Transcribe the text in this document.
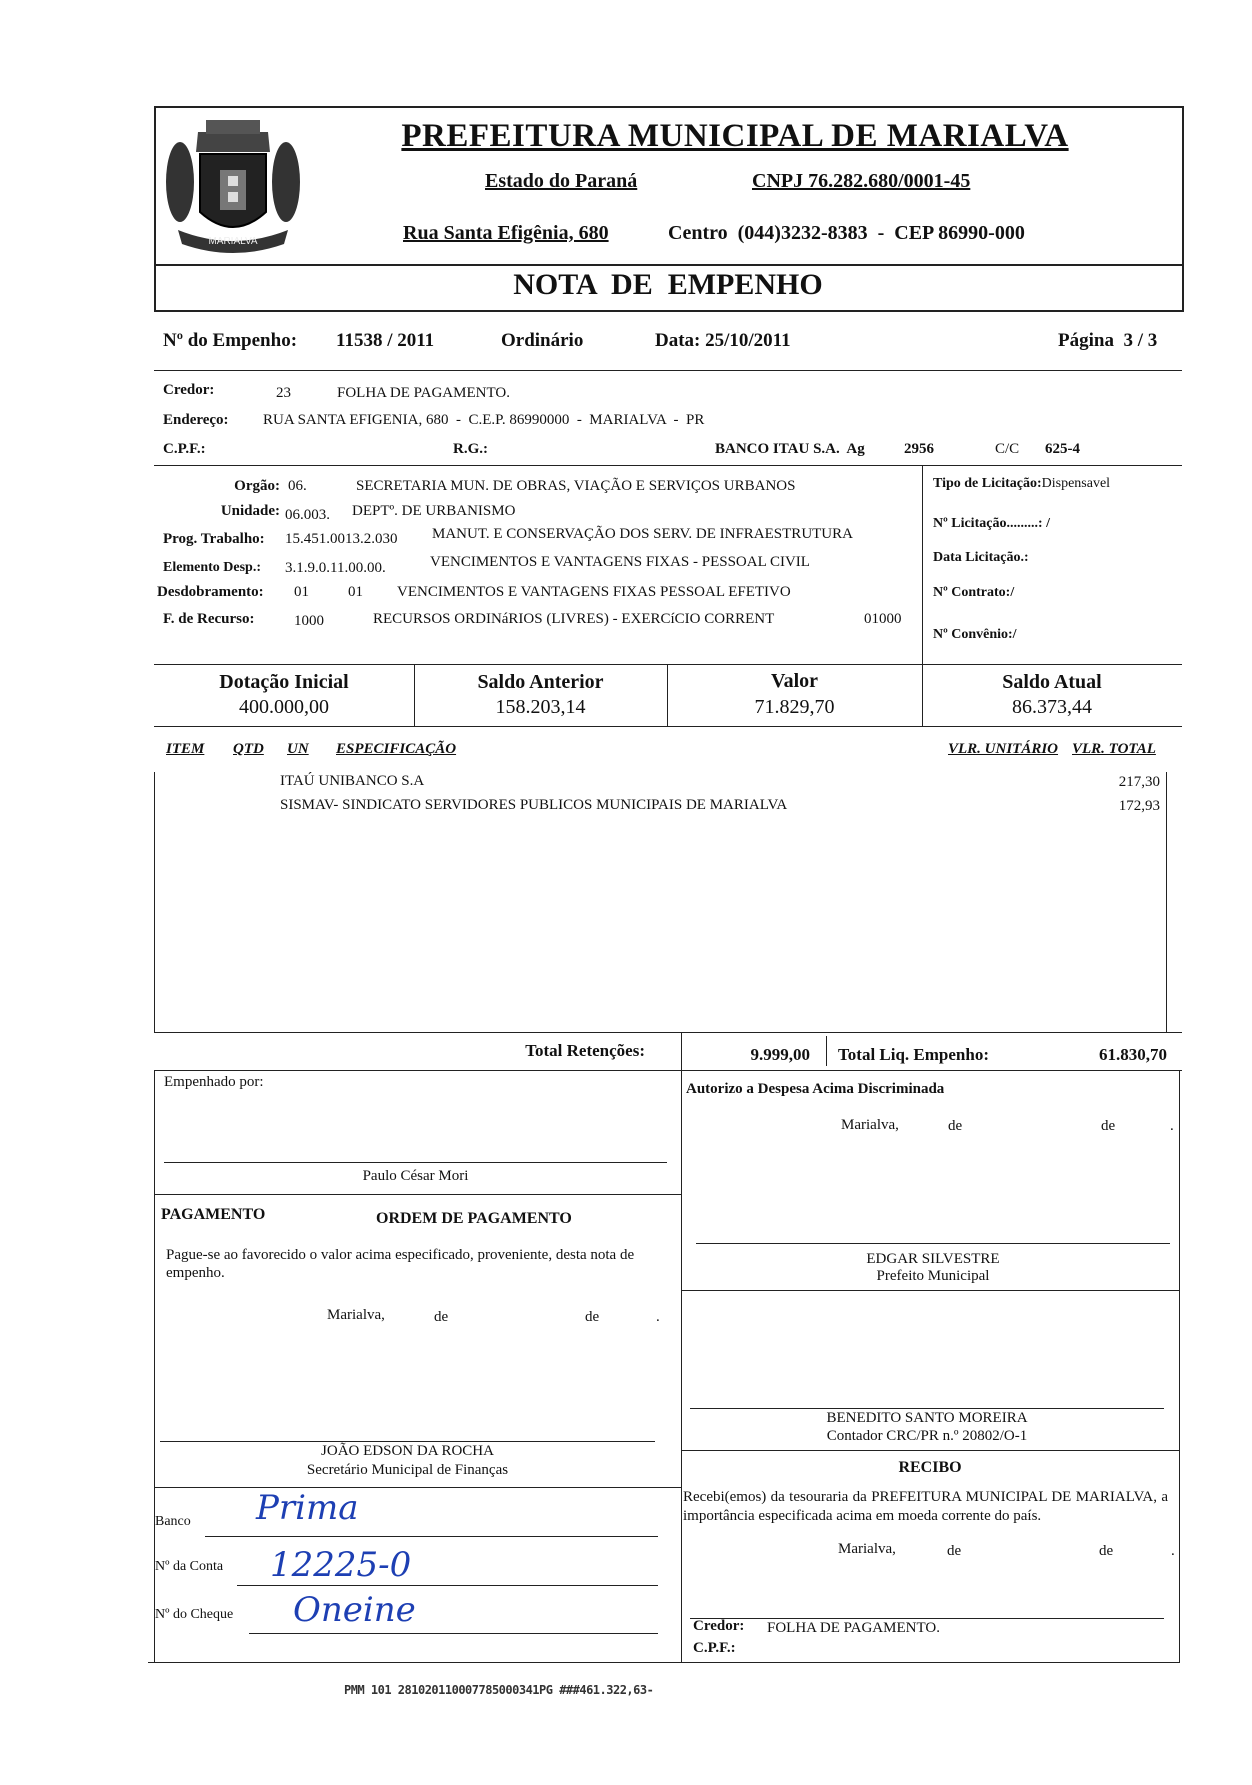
MARIALVA
PREFEITURA MUNICIPAL DE MARIALVA
Estado do Paraná	CNPJ 76.282.680/0001-45
Rua Santa Efigênia, 680	Centro  (044)3232-8383  -  CEP 86990-000
NOTA  DE  EMPENHO
Nº do Empenho: 11538 / 2011	Ordinário	Data: 25/10/2011	Página  3 / 3
Credor:	23	FOLHA DE PAGAMENTO.
Endereço: RUA SANTA EFIGENIA, 680  -  C.E.P. 86990000  -  MARIALVA  -  PR
C.P.F.:	R.G.:	BANCO ITAU S.A.  Ag	2956	C/C 625-4
Orgão: 06.	SECRETARIA MUN. DE OBRAS, VIAÇÃO E SERVIÇOS URBANOS
Unidade: 06.003. DEPTº. DE URBANISMO
Prog. Trabalho: 15.451.0013.2.030 MANUT. E CONSERVAÇÃO DOS SERV. DE INFRAESTRUTURA
Elemento Desp.: 3.1.9.0.11.00.00.	VENCIMENTOS E VANTAGENS FIXAS - PESSOAL CIVIL
Desdobramento: 01	01 VENCIMENTOS E VANTAGENS FIXAS PESSOAL EFETIVO
F. de Recurso:	1000	RECURSOS ORDINáRIOS (LIVRES) - EXERCíCIO CORRENT	01000
Tipo de Licitação:Dispensavel
Nº Licitação.........: /
Data Licitação.:
Nº Contrato:/
Nº Convênio:/
Dotação Inicial
400.000,00
Saldo Anterior
158.203,14
Valor
71.829,70
Saldo Atual
86.373,44
ITEM QTD UN ESPECIFICAÇÃO	VLR. UNITÁRIO VLR. TOTAL
ITAÚ UNIBANCO S.A	217,30
SISMAV- SINDICATO SERVIDORES PUBLICOS MUNICIPAIS DE MARIALVA	172,93
Total Retenções:	9.999,00 Total Liq. Empenho:	61.830,70
Empenhado por:
Paulo César Mori
PAGAMENTO	ORDEM DE PAGAMENTO
Pague-se ao favorecido o valor acima especificado, proveniente, desta nota de empenho.
Marialva,	de	de	.
JOÃO EDSON DA ROCHA
Secretário Municipal de Finanças
Banco Prima
Nº da Conta 12225-0
Nº do Cheque Oneine
Autorizo a Despesa Acima Discriminada
Marialva,	de	de	.
EDGAR SILVESTRE
Prefeito Municipal
BENEDITO SANTO MOREIRA
Contador CRC/PR n.º 20802/O-1
RECIBO
Recebi(emos) da tesouraria da PREFEITURA MUNICIPAL DE MARIALVA, a importância especificada acima em moeda corrente do país.
Marialva,	de	de	.
Credor: FOLHA DE PAGAMENTO.
C.P.F.:
PMM 101 281020110007785000341PG ###461.322,63-
